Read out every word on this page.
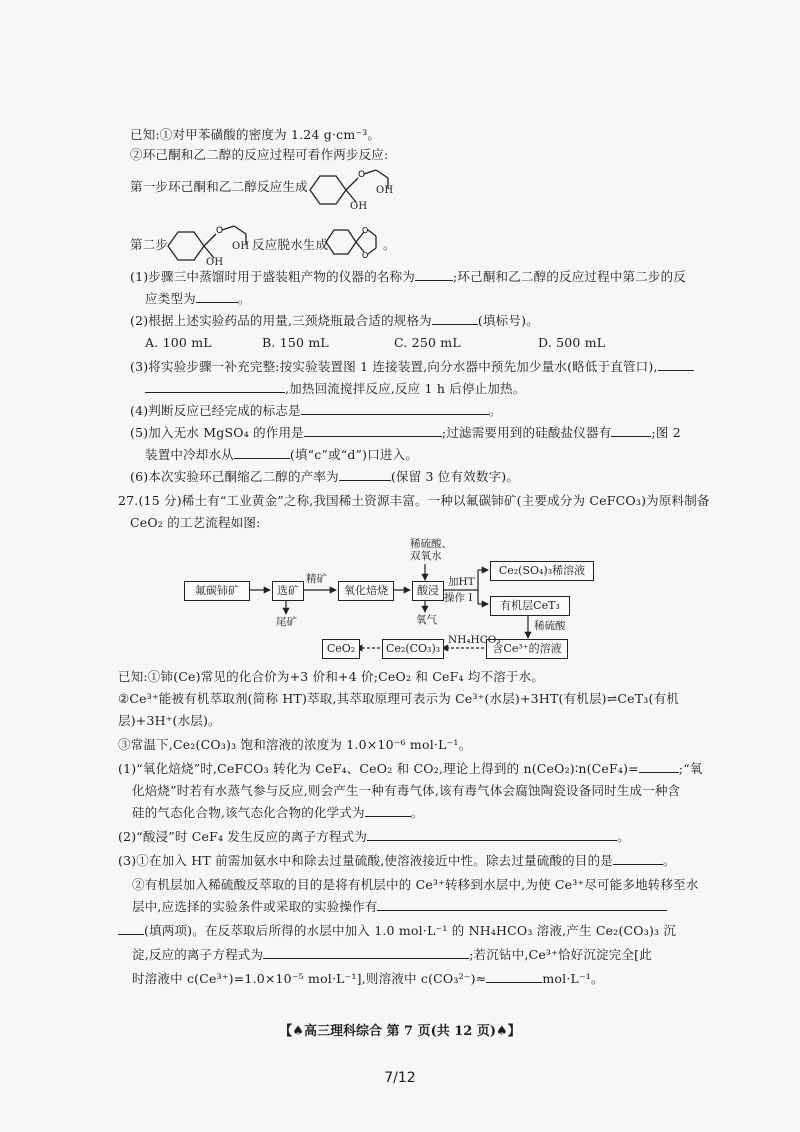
已知:①对甲苯磺酸的密度为 1.24 g·cm⁻³。
②环己酮和乙二醇的反应过程可看作两步反应:
第一步环己酮和乙二醇反应生成
O
OH
OH
第二步
O
OH
OH 反应脱水生成
O
O
。
(1)步骤三中蒸馏时用于盛装粗产物的仪器的名称为	;环己酮和乙二醇的反应过程中第二步的反
应类型为	。
(2)根据上述实验药品的用量,三颈烧瓶最合适的规格为	(填标号)。
A. 100 mL	B. 150 mL	C. 250 mL	D. 500 mL
(3)将实验步骤一补充完整:按实验装置图 1 连接装置,向分水器中预先加少量水(略低于直管口),
,加热回流搅拌反应,反应 1 h 后停止加热。
(4)判断反应已经完成的标志是	。
(5)加入无水 MgSO₄ 的作用是	;过滤需要用到的硅酸盐仪器有	;图 2
装置中冷却水从	(填“c”或“d”)口进入。
(6)本次实验环己酮缩乙二醇的产率为	(保留 3 位有效数字)。
27.(15 分)稀土有“工业黄金”之称,我国稀土资源丰富。一种以氟碳铈矿(主要成分为 CeFCO₃)为原料制备
CeO₂ 的工艺流程如图:
氟碳铈矿	选矿
精矿
尾矿
氧化焙烧
稀硫酸、
双氧水
酸浸
氧气
加HT
操作 I
Ce₂(SO₄)₃稀溶液
有机层CeT₃
稀硫酸
含Ce³⁺的溶液
NH₄HCO₃
Ce₂(CO₃)₃
CeO₂
已知:①铈(Ce)常见的化合价为+3 价和+4 价;CeO₂ 和 CeF₄ 均不溶于水。
②Ce³⁺能被有机萃取剂(简称 HT)萃取,其萃取原理可表示为 Ce³⁺(水层)+3HT(有机层)⇌CeT₃(有机
层)+3H⁺(水层)。
③常温下,Ce₂(CO₃)₃ 饱和溶液的浓度为 1.0×10⁻⁶ mol·L⁻¹。
(1)“氧化焙烧”时,CeFCO₃ 转化为 CeF₄、CeO₂ 和 CO₂,理论上得到的 n(CeO₂)∶n(CeF₄)=	;“氧
化焙烧”时若有水蒸气参与反应,则会产生一种有毒气体,该有毒气体会腐蚀陶瓷设备同时生成一种含
硅的气态化合物,该气态化合物的化学式为	。
(2)“酸浸”时 CeF₄ 发生反应的离子方程式为	。
(3)①在加入 HT 前需加氨水中和除去过量硫酸,使溶液接近中性。除去过量硫酸的目的是	。
②有机层加入稀硫酸反萃取的目的是将有机层中的 Ce³⁺转移到水层中,为使 Ce³⁺尽可能多地转移至水
层中,应选择的实验条件或采取的实验操作有
(填两项)。在反萃取后所得的水层中加入 1.0 mol·L⁻¹ 的 NH₄HCO₃ 溶液,产生 Ce₂(CO₃)₃ 沉
淀,反应的离子方程式为	;若沉钻中,Ce³⁺恰好沉淀完全[此
时溶液中 c(Ce³⁺)=1.0×10⁻⁵ mol·L⁻¹],则溶液中 c(CO₃²⁻)≈	mol·L⁻¹。
【♠高三理科综合 第 7 页(共 12 页)♠】
7/12
